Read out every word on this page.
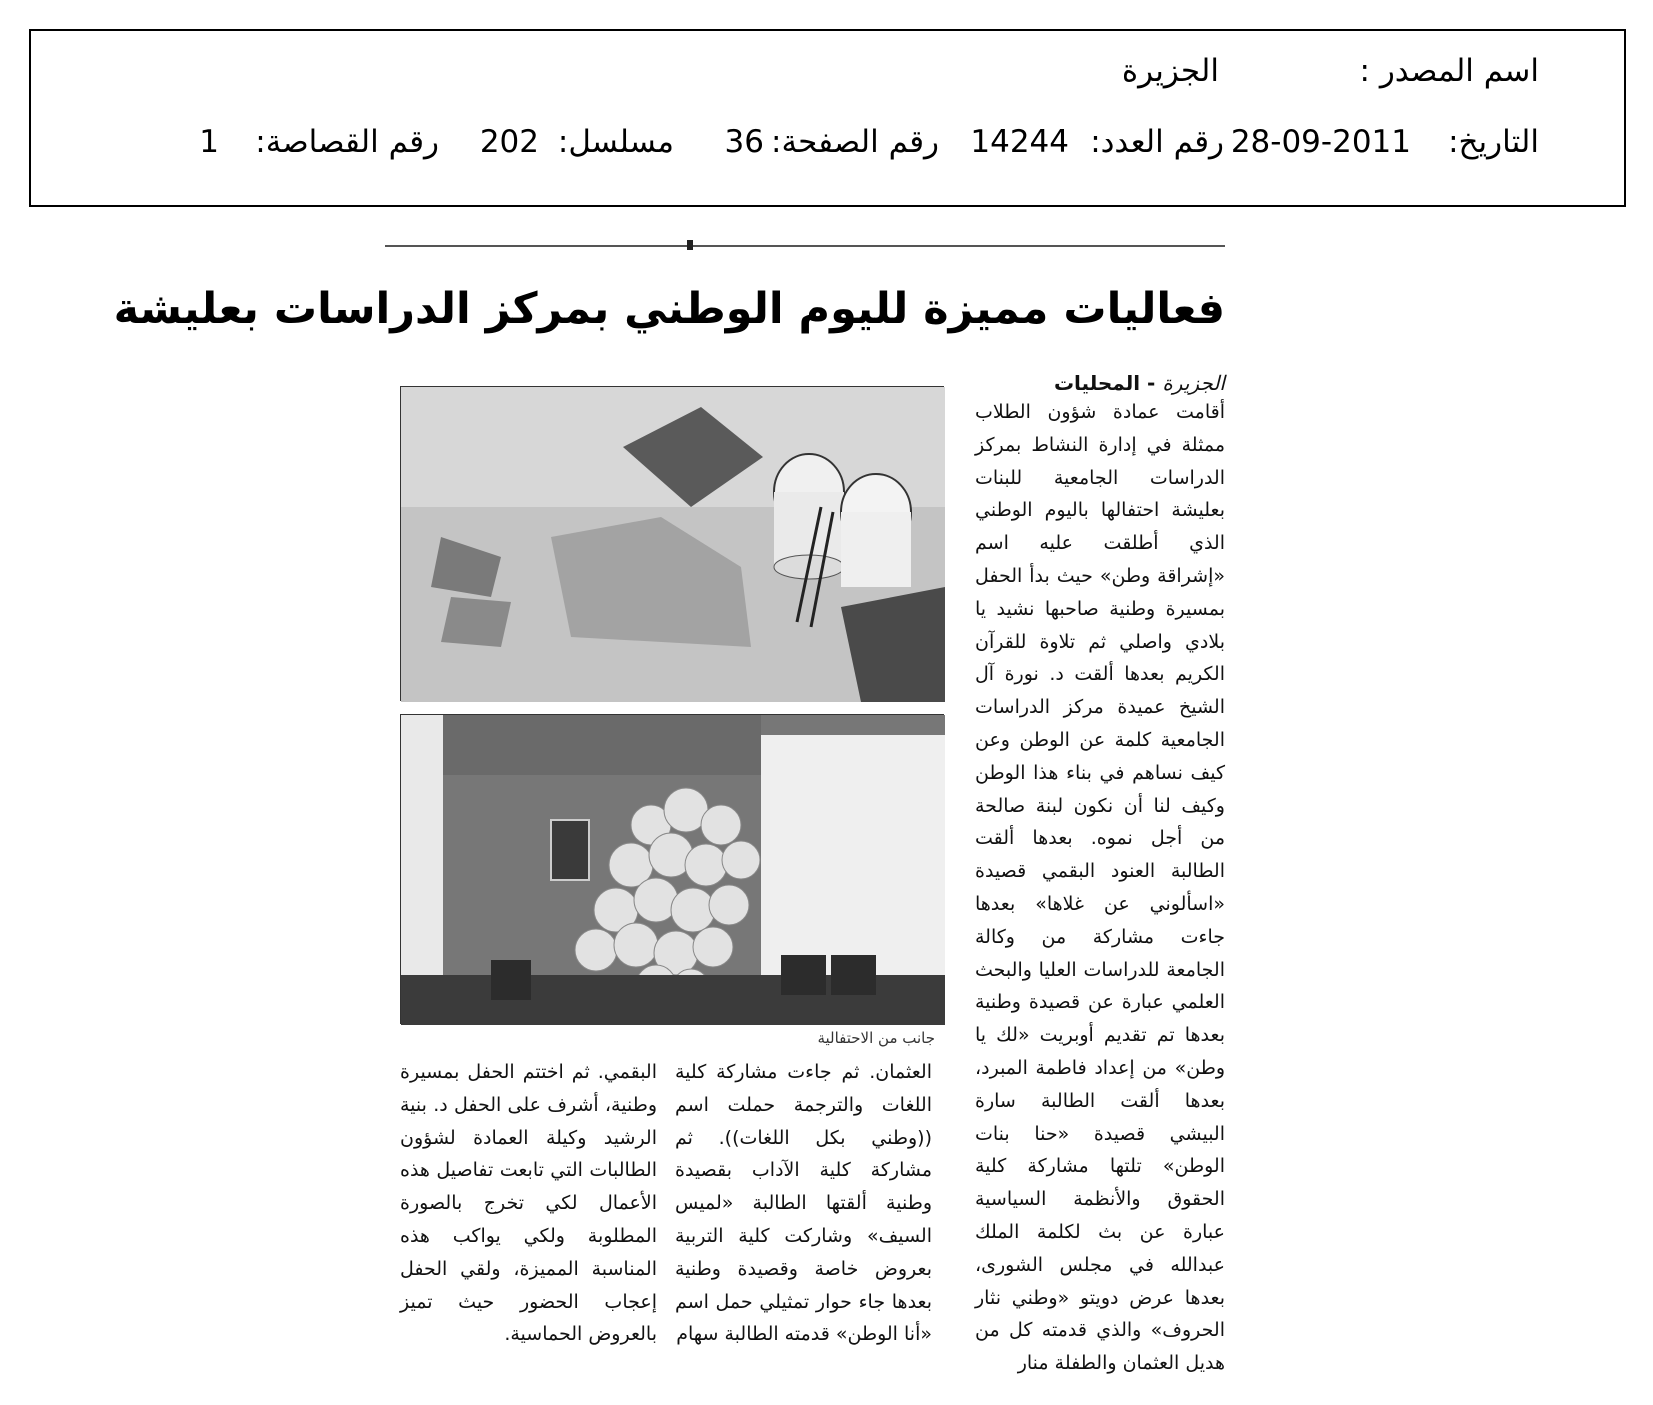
اسم المصدر :
الجزيرة
التاريخ:
28-09-2011
رقم العدد:
14244
رقم الصفحة:
36
مسلسل:
202
رقم القصاصة:
1
فعاليات مميزة لليوم الوطني بمركز الدراسات بعليشة
الجزيرة - المحليات
جانب من الاحتفالية

أقامت عمادة شؤون الطلاب ممثلة في إدارة النشاط بمركز الدراسات الجامعية للبنات بعليشة احتفالها باليوم الوطني الذي أطلقت عليه اسم «إشراقة وطن» حيث بدأ الحفل بمسيرة وطنية صاحبها نشيد يا بلادي واصلي ثم تلاوة للقرآن الكريم بعدها ألقت د. نورة آل الشيخ عميدة مركز الدراسات الجامعية كلمة عن الوطن وعن كيف نساهم في بناء هذا الوطن وكيف لنا أن نكون لبنة صالحة من أجل نموه. بعدها ألقت الطالبة العنود البقمي قصيدة «اسألوني عن غلاها» بعدها جاءت مشاركة من وكالة الجامعة للدراسات العليا والبحث العلمي عبارة عن قصيدة وطنية بعدها تم تقديم أوبريت «لك يا وطن» من إعداد فاطمة المبرد، بعدها ألقت الطالبة سارة البيشي قصيدة «حنا بنات الوطن» تلتها مشاركة كلية الحقوق والأنظمة السياسية عبارة عن بث لكلمة الملك عبدالله في مجلس الشورى، بعدها عرض دويتو «وطني نثار الحروف» والذي قدمته كل من هديل العثمان والطفلة منار

العثمان. ثم جاءت مشاركة كلية اللغات والترجمة حملت اسم ((وطني بكل اللغات)). ثم مشاركة كلية الآداب بقصيدة وطنية ألقتها الطالبة «لميس السيف» وشاركت كلية التربية بعروض خاصة وقصيدة وطنية بعدها جاء حوار تمثيلي حمل اسم «أنا الوطن» قدمته الطالبة سهام

البقمي. ثم اختتم الحفل بمسيرة وطنية، أشرف على الحفل د. بنية الرشيد وكيلة العمادة لشؤون الطالبات التي تابعت تفاصيل هذه الأعمال لكي تخرج بالصورة المطلوبة ولكي يواكب هذه المناسبة المميزة، ولقي الحفل إعجاب الحضور حيث تميز بالعروض الحماسية.
